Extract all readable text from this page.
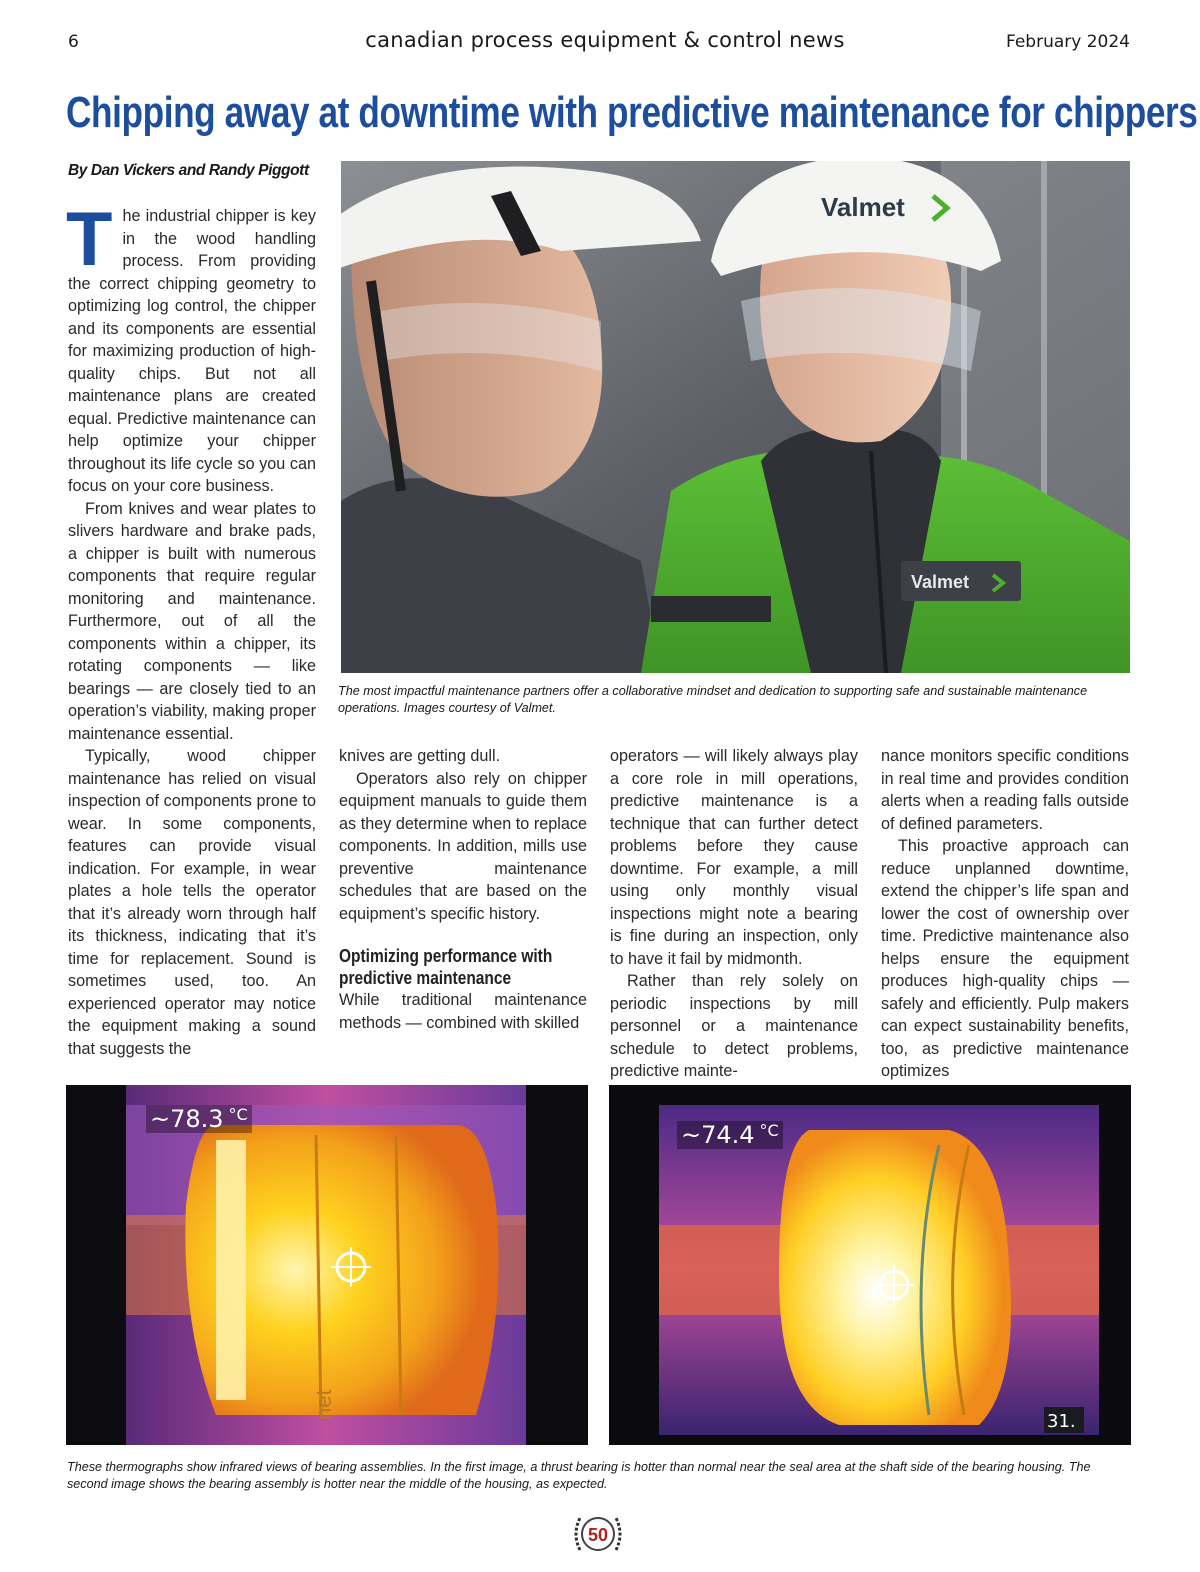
6	canadian process equipment & control news	February 2024
Chipping away at downtime with predictive maintenance for chippers
By Dan Vickers and Randy Piggott

The industrial chipper is key in the wood handling process. From providing the correct chipping geometry to optimizing log control, the chipper and its components are essential for maximizing production of high-quality chips. But not all maintenance plans are created equal. Predictive maintenance can help optimize your chipper throughout its life cycle so you can focus on your core business.

From knives and wear plates to slivers hardware and brake pads, a chipper is built with numerous components that require regular monitoring and maintenance. Furthermore, out of all the components within a chipper, its rotating components — like bearings — are closely tied to an operation’s viability, making proper maintenance essential.

Typically, wood chipper maintenance has relied on visual inspection of components prone to wear. In some components, features can provide visual indication. For example, in wear plates a hole tells the operator that it’s already worn through half its thickness, indicating that it’s time for replacement. Sound is sometimes used, too. An experienced operator may notice the equipment making a sound that suggests the

Valmet
Valmet
The most impactful maintenance partners offer a collaborative mindset and dedication to supporting safe and sustainable maintenance operations. Images courtesy of Valmet.

knives are getting dull.

Operators also rely on chipper equipment manuals to guide them as they determine when to replace components. In addition, mills use preventive maintenance schedules that are based on the equipment’s specific history.

Optimizing performance with predictive maintenance

While traditional maintenance methods — combined with skilled

operators — will likely always play a core role in mill operations, predictive maintenance is a technique that can further detect problems before they cause downtime. For example, a mill using only monthly visual inspections might note a bearing is fine during an inspection, only to have it fail by midmonth.

Rather than rely solely on periodic inspections by mill personnel or a maintenance schedule to detect problems, predictive mainte-

nance monitors specific conditions in real time and provides condition alerts when a reading falls outside of defined parameters.

This proactive approach can reduce unplanned downtime, extend the chipper’s life span and lower the cost of ownership over time. Predictive maintenance also helps ensure the equipment produces high-quality chips — safely and efficiently. Pulp makers can expect sustainability benefits, too, as predictive maintenance optimizes

net
~78.3 $^{^\circ C}$
31.
~74.4 $^{^\circ C}$
These thermographs show infrared views of bearing assemblies. In the first image, a thrust bearing is hotter than normal near the seal area at the shaft side of the bearing housing. The second image shows the bearing assembly is hotter near the middle of the housing, as expected.
50
